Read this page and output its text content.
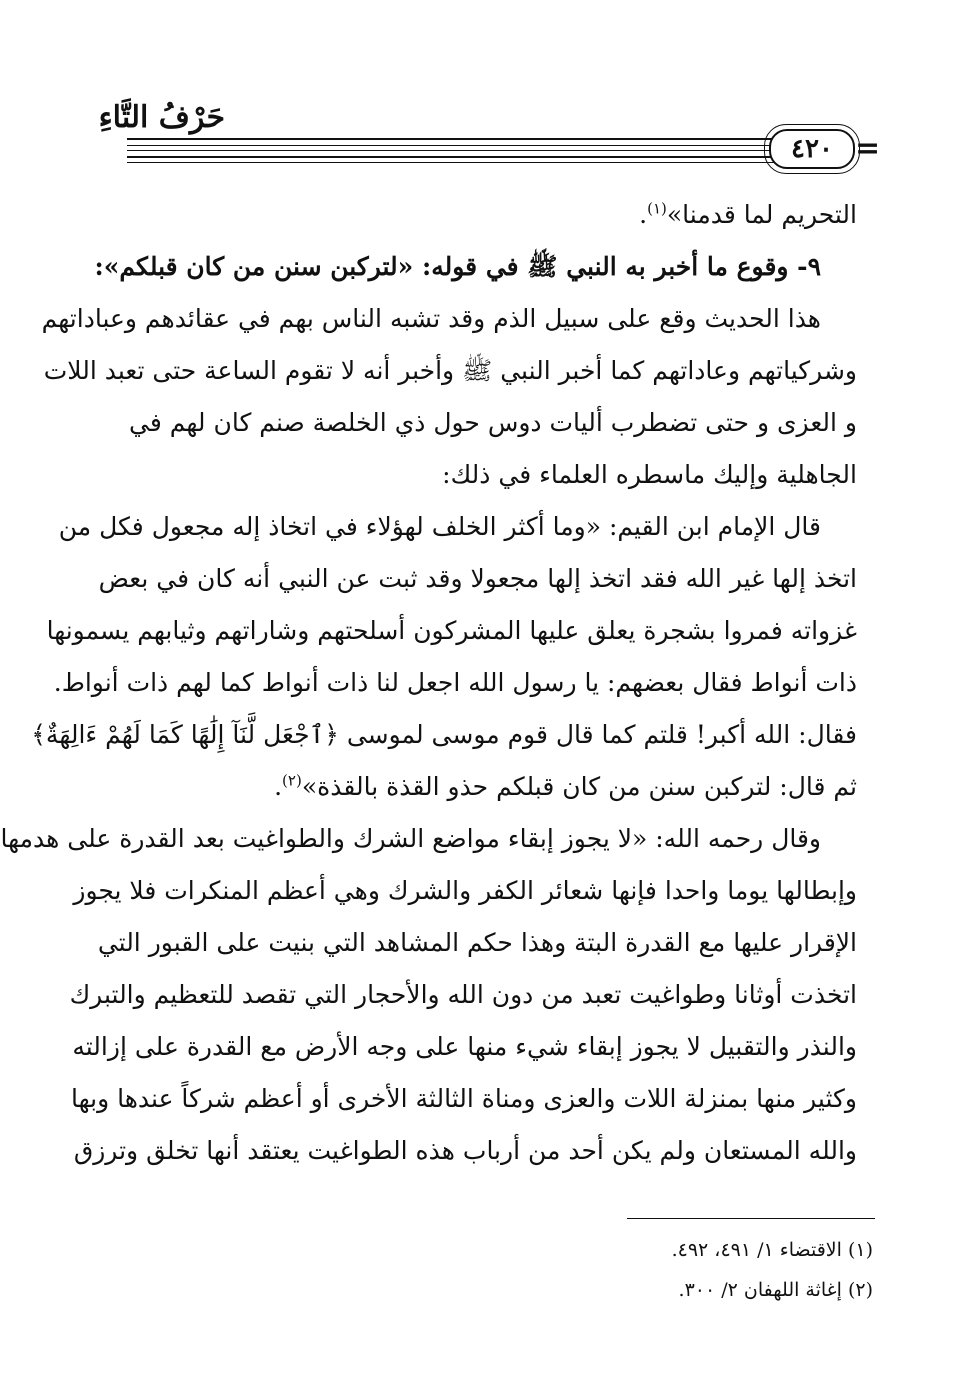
حَرْفُ التَّاءِ
٤٢٠ =
التحريم لما قدمنا»$^{(١)}$.
٩- وقوع ما أخبر به النبي ﷺ في قوله: «لتركبن سنن من كان قبلكم»:
هذا الحديث وقع على سبيل الذم وقد تشبه الناس بهم في عقائدهم وعباداتهم
وشركياتهم وعاداتهم كما أخبر النبي ﷺ وأخبر أنه لا تقوم الساعة حتى تعبد اللات
و العزى و حتى تضطرب أليات دوس حول ذي الخلصة صنم كان لهم في
الجاهلية وإليك ماسطره العلماء في ذلك:
قال الإمام ابن القيم: «وما أكثر الخلف لهؤلاء في اتخاذ إله مجعول فكل من
اتخذ إلها غير الله فقد اتخذ إلها مجعولا وقد ثبت عن النبي أنه كان في بعض
غزواته فمروا بشجرة يعلق عليها المشركون أسلحتهم وشاراتهم وثيابهم يسمونها
ذات أنواط فقال بعضهم: يا رسول الله اجعل لنا ذات أنواط كما لهم ذات أنواط.
فقال: الله أكبر! قلتم كما قال قوم موسى لموسى ﴿ٱجْعَل لَّنَآ إِلَٰهًا كَمَا لَهُمْ ءَالِهَةٌ﴾
ثم قال: لتركبن سنن من كان قبلكم حذو القذة بالقذة»$^{(٢)}$.
وقال رحمه الله: «لا يجوز إبقاء مواضع الشرك والطواغيت بعد القدرة على هدمها
وإبطالها يوما واحدا فإنها شعائر الكفر والشرك وهي أعظم المنكرات فلا يجوز
الإقرار عليها مع القدرة البتة وهذا حكم المشاهد التي بنيت على القبور التي
اتخذت أوثانا وطواغيت تعبد من دون الله والأحجار التي تقصد للتعظيم والتبرك
والنذر والتقبيل لا يجوز إبقاء شيء منها على وجه الأرض مع القدرة على إزالته
وكثير منها بمنزلة اللات والعزى ومناة الثالثة الأخرى أو أعظم شركاً عندها وبها
والله المستعان ولم يكن أحد من أرباب هذه الطواغيت يعتقد أنها تخلق وترزق
(١) الاقتضاء ١/ ٤٩١، ٤٩٢.
(٢) إغاثة اللهفان ٢/ ٣٠٠.
